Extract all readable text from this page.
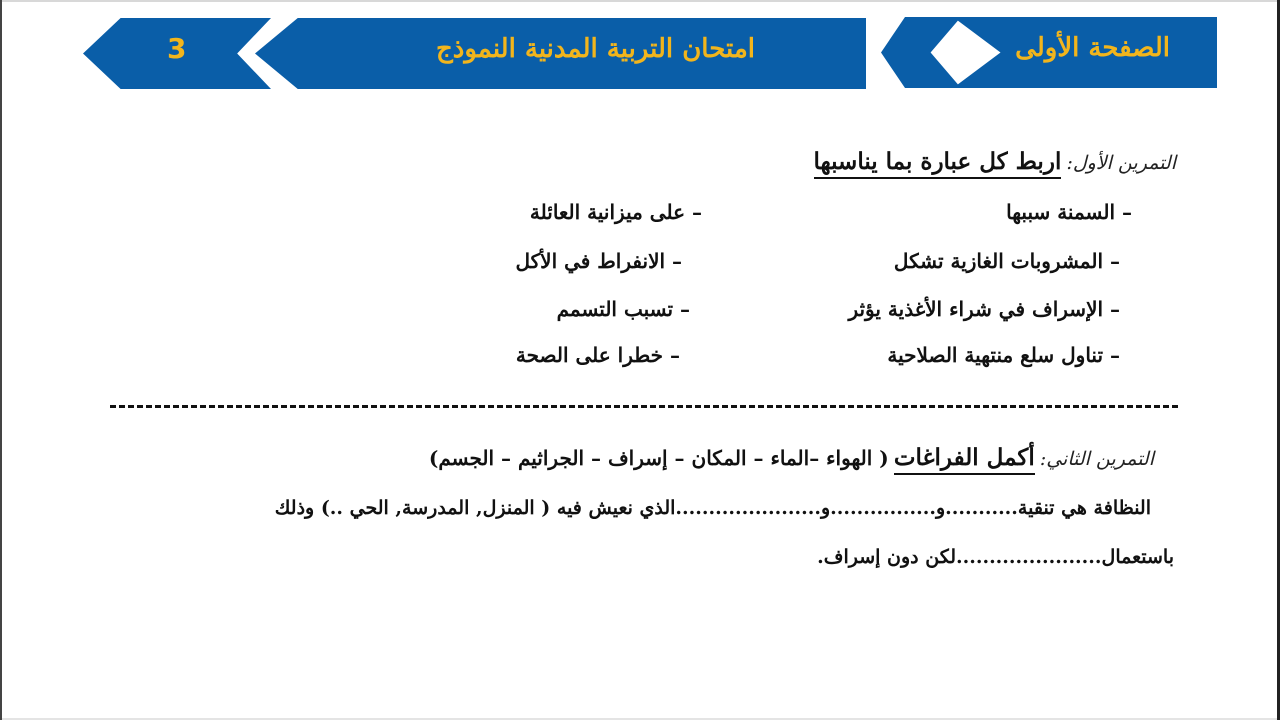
الصفحة الأولى
امتحان التربية المدنية النموذج
3
التمرين الأول: اربط كل عبارة بما يناسبها
– السمنة سببها
– المشروبات الغازية تشكل
– الإسراف في شراء الأغذية يؤثر
– تناول سلع منتهية الصلاحية
– على ميزانية العائلة
– الانفراط في الأكل
– تسبب التسمم
– خطرا على الصحة
التمرين الثاني: أكمل الفراغات ( الهواء –الماء – المكان – إسراف – الجراثيم – الجسم)
النظافة هي تنقية...........و................و......................الذي نعيش فيه ( المنزل, المدرسة, الحي ..) وذلك
باستعمال......................لكن دون إسراف.
